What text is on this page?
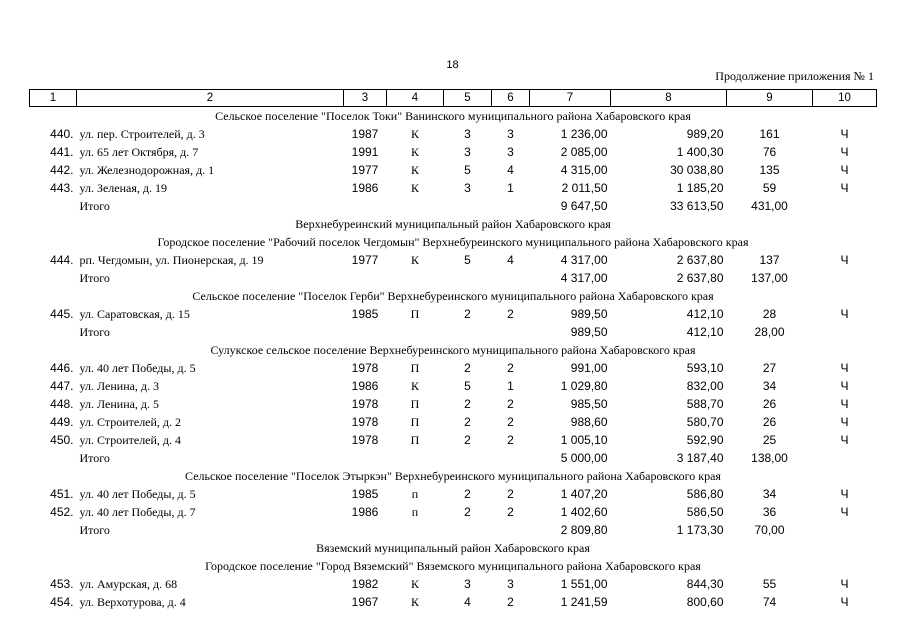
18
Продолжение приложения № 1
1	2	3	4	5	6	7	8	9	10
Сельское поселение "Поселок Токи" Ванинского муниципального района Хабаровского края									
440.	ул. пер. Строителей, д. 3	1987	К	3	3	1 236,00	989,20	161	Ч
441.	ул. 65 лет Октября, д. 7	1991	К	3	3	2 085,00	1 400,30	76	Ч
442.	ул. Железнодорожная, д. 1	1977	К	5	4	4 315,00	30 038,80	135	Ч
443.	ул. Зеленая, д. 19	1986	К	3	1	2 011,50	1 185,20	59	Ч
	Итого					9 647,50	33 613,50	431,00	
Верхнебуреинский муниципальный район Хабаровского края									
Городское поселение "Рабочий поселок Чегдомын" Верхнебуреинского муниципального района Хабаровского края									
444.	рп. Чегдомын, ул. Пионерская, д. 19	1977	К	5	4	4 317,00	2 637,80	137	Ч
	Итого					4 317,00	2 637,80	137,00	
Сельское поселение "Поселок Герби" Верхнебуреинского муниципального района Хабаровского края									
445.	ул. Саратовская, д. 15	1985	П	2	2	989,50	412,10	28	Ч
	Итого					989,50	412,10	28,00	
Сулукское сельское поселение Верхнебуреинского муниципального района Хабаровского края									
446.	ул. 40 лет Победы, д. 5	1978	П	2	2	991,00	593,10	27	Ч
447.	ул. Ленина, д. 3	1986	К	5	1	1 029,80	832,00	34	Ч
448.	ул. Ленина, д. 5	1978	П	2	2	985,50	588,70	26	Ч
449.	ул. Строителей, д. 2	1978	П	2	2	988,60	580,70	26	Ч
450.	ул. Строителей, д. 4	1978	П	2	2	1 005,10	592,90	25	Ч
	Итого					5 000,00	3 187,40	138,00	
Сельское поселение "Поселок Этыркэн" Верхнебуреинского муниципального района Хабаровского края									
451.	ул. 40 лет Победы, д. 5	1985	п	2	2	1 407,20	586,80	34	Ч
452.	ул. 40 лет Победы, д. 7	1986	п	2	2	1 402,60	586,50	36	Ч
	Итого					2 809,80	1 173,30	70,00	
Вяземский муниципальный район Хабаровского края									
Городское поселение "Город Вяземский" Вяземского муниципального района Хабаровского края									
453.	ул. Амурская, д. 68	1982	К	3	3	1 551,00	844,30	55	Ч
454.	ул. Верхотурова, д. 4	1967	К	4	2	1 241,59	800,60	74	Ч
